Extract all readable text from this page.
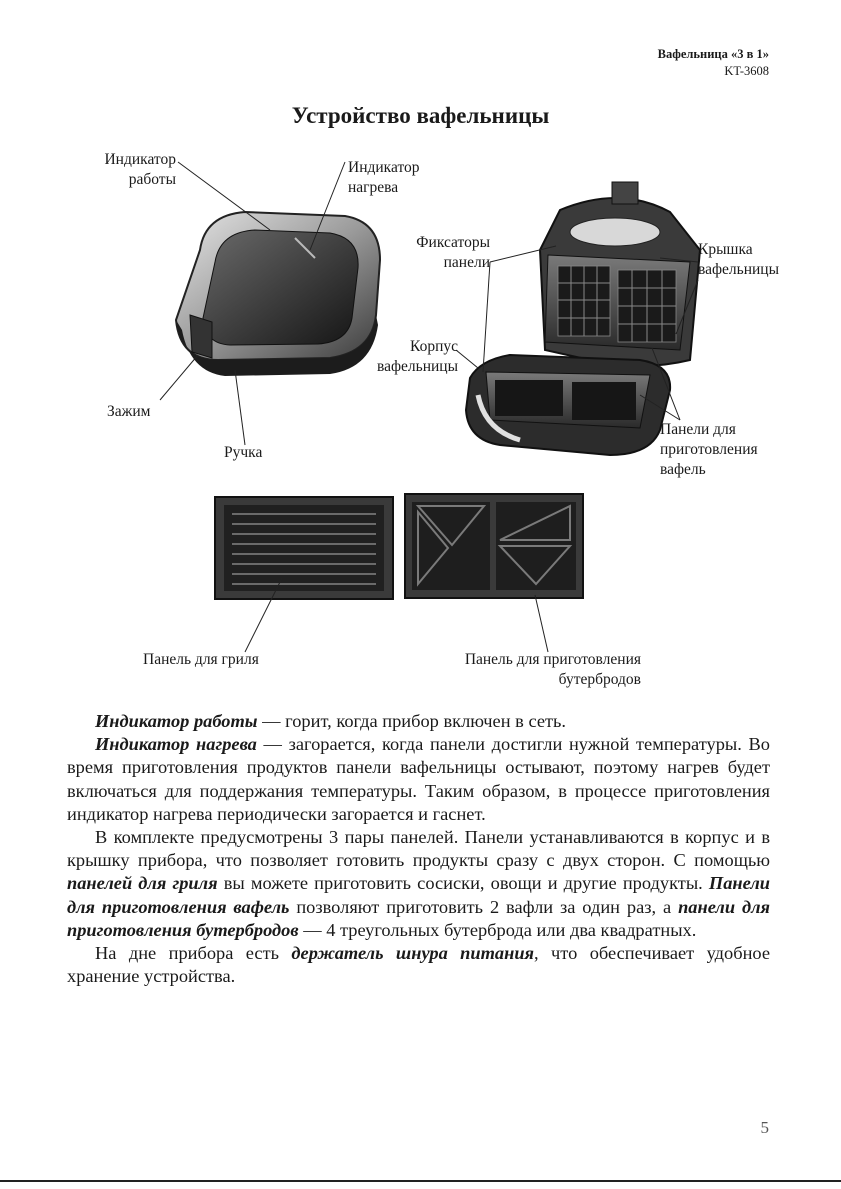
Вафельница «3 в 1»
KT-3608
Устройство вафельницы
Индикатор
работы
Индикатор
нагрева
Фиксаторы
панели
Крышка
вафельницы
Корпус
вафельницы
Зажим
Ручка
Панели для
приготовления
вафель
Панель для гриля	Панель для приготовления
бутербродов

Индикатор работы — горит, когда прибор включен в сеть.

Индикатор нагрева — загорается, когда панели достигли нужной температуры. Во время приготовления продуктов панели вафельницы остывают, поэтому нагрев будет включаться для поддержания температуры. Таким образом, в процессе приготовления индикатор нагрева периодически загорается и гаснет.

В комплекте предусмотрены 3 пары панелей. Панели устанавливаются в корпус и в крышку прибора, что позволяет готовить продукты сразу с двух сторон. С помощью панелей для гриля вы можете приготовить сосиски, овощи и другие продукты. Панели для приготовления вафель позволяют приготовить 2 вафли за один раз, а панели для приготовления бутербродов — 4 треугольных бутерброда или два квадратных.

На дне прибора есть держатель шнура питания, что обеспечивает удобное хранение устройства.

5
